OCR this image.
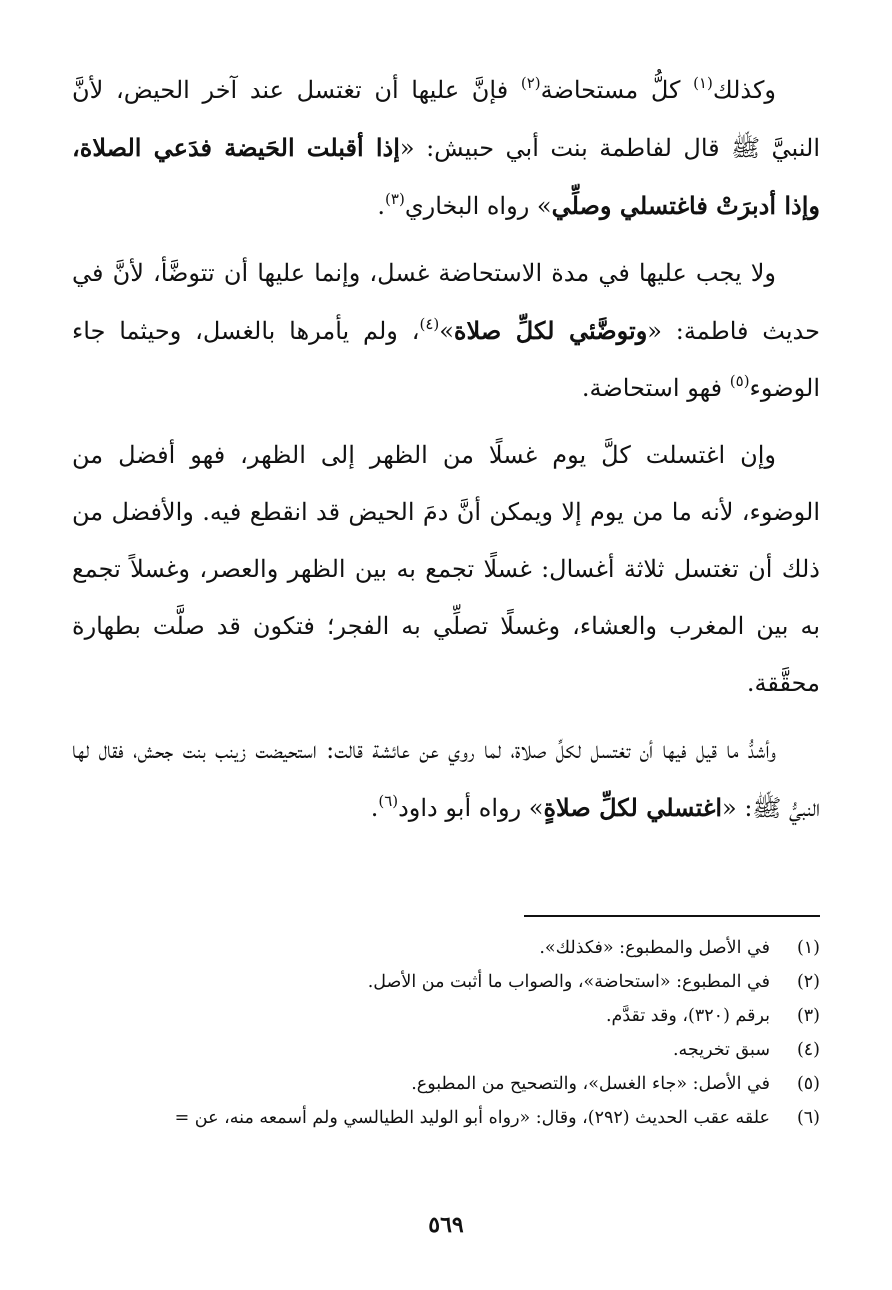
وكذلك$^{(١)}$ كلُّ مستحاضة$^{(٢)}$ فإنَّ عليها أن تغتسل عند آخر الحيض، لأنَّ النبيَّ ﷺ قال لفاطمة بنت أبي حبيش: «إذا أقبلت الحَيضة فدَعي الصلاة، وإذا أدبرَتْ فاغتسلي وصلِّي» رواه البخاري$^{(٣)}$.

ولا يجب عليها في مدة الاستحاضة غسل، وإنما عليها أن تتوضَّأ، لأنَّ في حديث فاطمة: «وتوضَّئي لكلِّ صلاة»$^{(٤)}$، ولم يأمرها بالغسل، وحيثما جاء الوضوء$^{(٥)}$ فهو استحاضة.

وإن اغتسلت كلَّ يوم غسلًا من الظهر إلى الظهر، فهو أفضل من الوضوء، لأنه ما من يوم إلا ويمكن أنَّ دمَ الحيض قد انقطع فيه. والأفضل من ذلك أن تغتسل ثلاثة أغسال: غسلًا تجمع به بين الظهر والعصر، وغسلاً تجمع به بين المغرب والعشاء، وغسلًا تصلِّي به الفجر؛ فتكون قد صلَّت بطهارة محقَّقة.

وأشدُّ ما قيل فيها أن تغتسل لكلِّ صلاة، لما روي عن عائشة قالت: استحيضت زينب بنت جحش، فقال لها النبيُّ ﷺ: «اغتسلي لكلِّ صلاةٍ» رواه أبو داود$^{(٦)}$.

(١)
في الأصل والمطبوع: «فكذلك».
(٢)
في المطبوع: «استحاضة»، والصواب ما أثبت من الأصل.
(٣)
برقم (٣٢٠)، وقد تقدَّم.
(٤)
سبق تخريجه.
(٥)
في الأصل: «جاء الغسل»، والتصحيح من المطبوع.
(٦)
علقه عقب الحديث (٢٩٢)، وقال: «رواه أبو الوليد الطيالسي ولم أسمعه منه، عن =
٥٦٩
